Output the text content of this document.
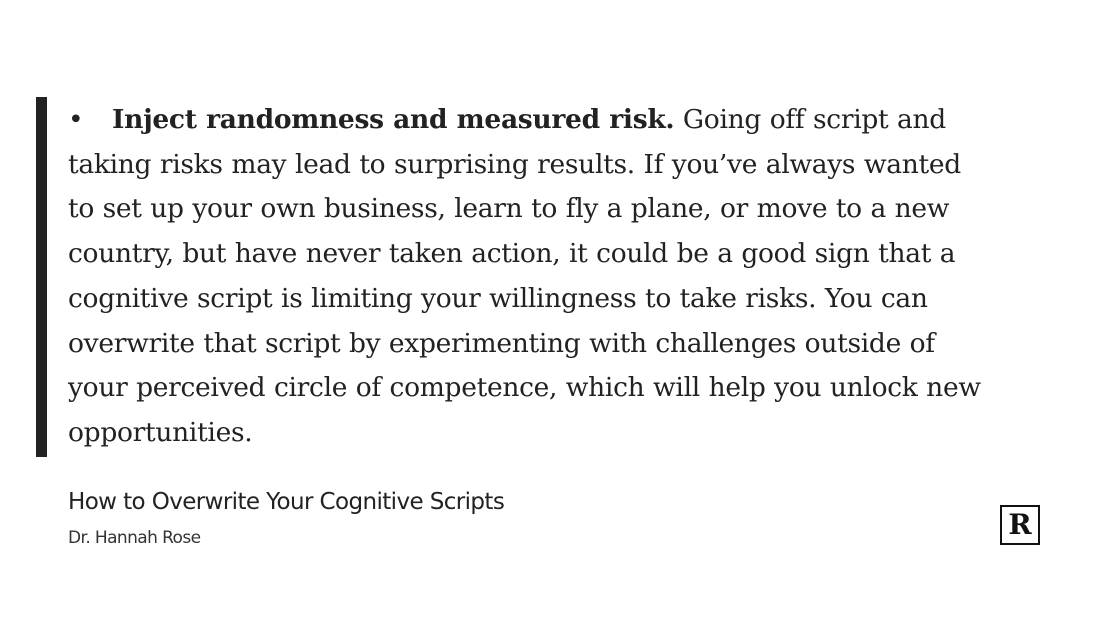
• Inject randomness and measured risk. Going off script and taking risks may lead to surprising results. If you’ve always wanted to set up your own business, learn to fly a plane, or move to a new country, but have never taken action, it could be a good sign that a cognitive script is limiting your willingness to take risks. You can overwrite that script by experimenting with challenges outside of your perceived circle of competence, which will help you unlock new opportunities.
How to Overwrite Your Cognitive Scripts
Dr. Hannah Rose	R
